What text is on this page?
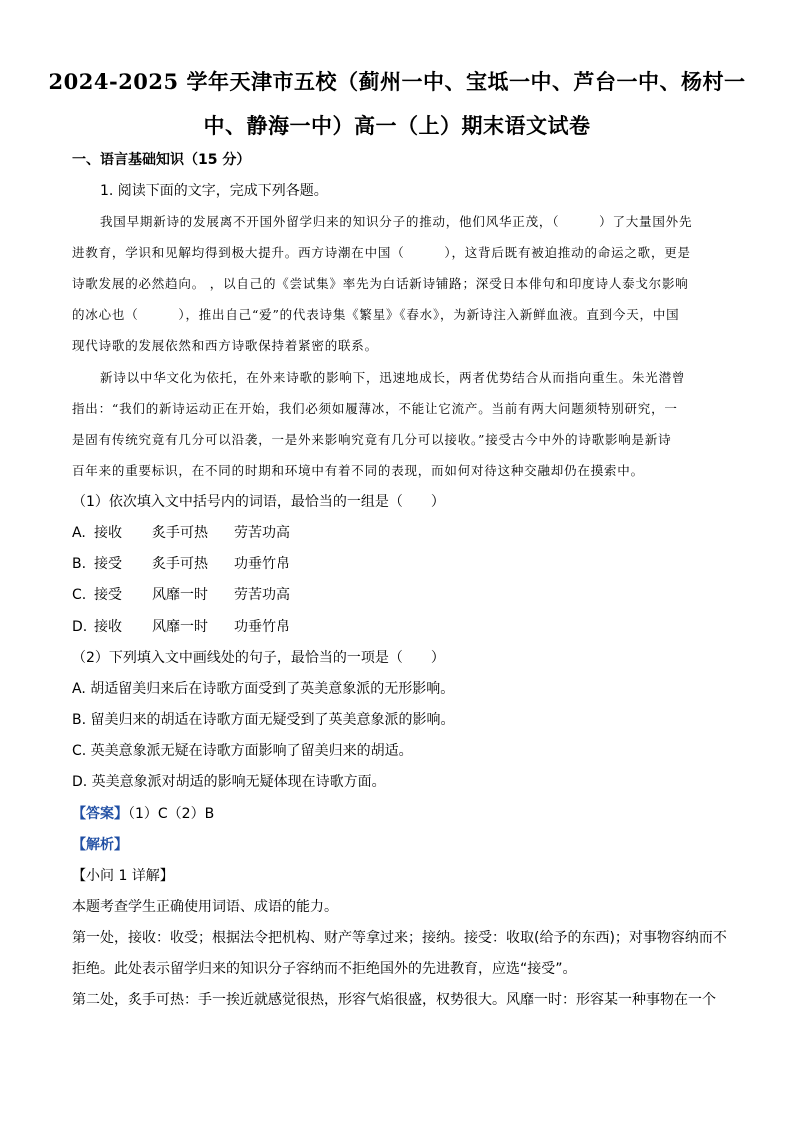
2024-2025 学年天津市五校（蓟州一中、宝坻一中、芦台一中、杨村一
中、静海一中）高一（上）期末语文试卷
一、语言基础知识（15 分）
1. 阅读下面的文字，完成下列各题。
我国早期新诗的发展离不开国外留学归来的知识分子的推动，他们风华正茂，（　　　）了大量国外先
进教育，学识和见解均得到极大提升。西方诗潮在中国（　　　），这背后既有被迫推动的命运之歌，更是
诗歌发展的必然趋向。 ，以自己的《尝试集》率先为白话新诗铺路；深受日本俳句和印度诗人泰戈尔影响
的冰心也（　　　），推出自己“爱”的代表诗集《繁星》《春水》，为新诗注入新鲜血液。直到今天，中国
现代诗歌的发展依然和西方诗歌保持着紧密的联系。
新诗以中华文化为依托，在外来诗歌的影响下，迅速地成长，两者优势结合从而指向重生。朱光潜曾
指出：“我们的新诗运动正在开始，我们必须如履薄冰，不能让它流产。当前有两大问题须特别研究，一
是固有传统究竟有几分可以沿袭，一是外来影响究竟有几分可以接收。”接受古今中外的诗歌影响是新诗
百年来的重要标识，在不同的时期和环境中有着不同的表现，而如何对待这种交融却仍在摸索中。
（1）依次填入文中括号内的词语，最恰当的一组是（　　）
A. 接收 炙手可热 劳苦功高
B. 接受 炙手可热 功垂竹帛
C. 接受 风靡一时 劳苦功高
D. 接收 风靡一时 功垂竹帛
（2）下列填入文中画线处的句子，最恰当的一项是（　　）
A. 胡适留美归来后在诗歌方面受到了英美意象派的无形影响。
B. 留美归来的胡适在诗歌方面无疑受到了英美意象派的影响。
C. 英美意象派无疑在诗歌方面影响了留美归来的胡适。
D. 英美意象派对胡适的影响无疑体现在诗歌方面。
【答案】（1）C（2）B
【解析】
【小问 1 详解】
本题考查学生正确使用词语、成语的能力。
第一处，接收：收受；根据法令把机构、财产等拿过来；接纳。接受：收取(给予的东西)；对事物容纳而不
拒绝。此处表示留学归来的知识分子容纳而不拒绝国外的先进教育，应选“接受”。
第二处，炙手可热：手一挨近就感觉很热，形容气焰很盛，权势很大。风靡一时：形容某一种事物在一个
